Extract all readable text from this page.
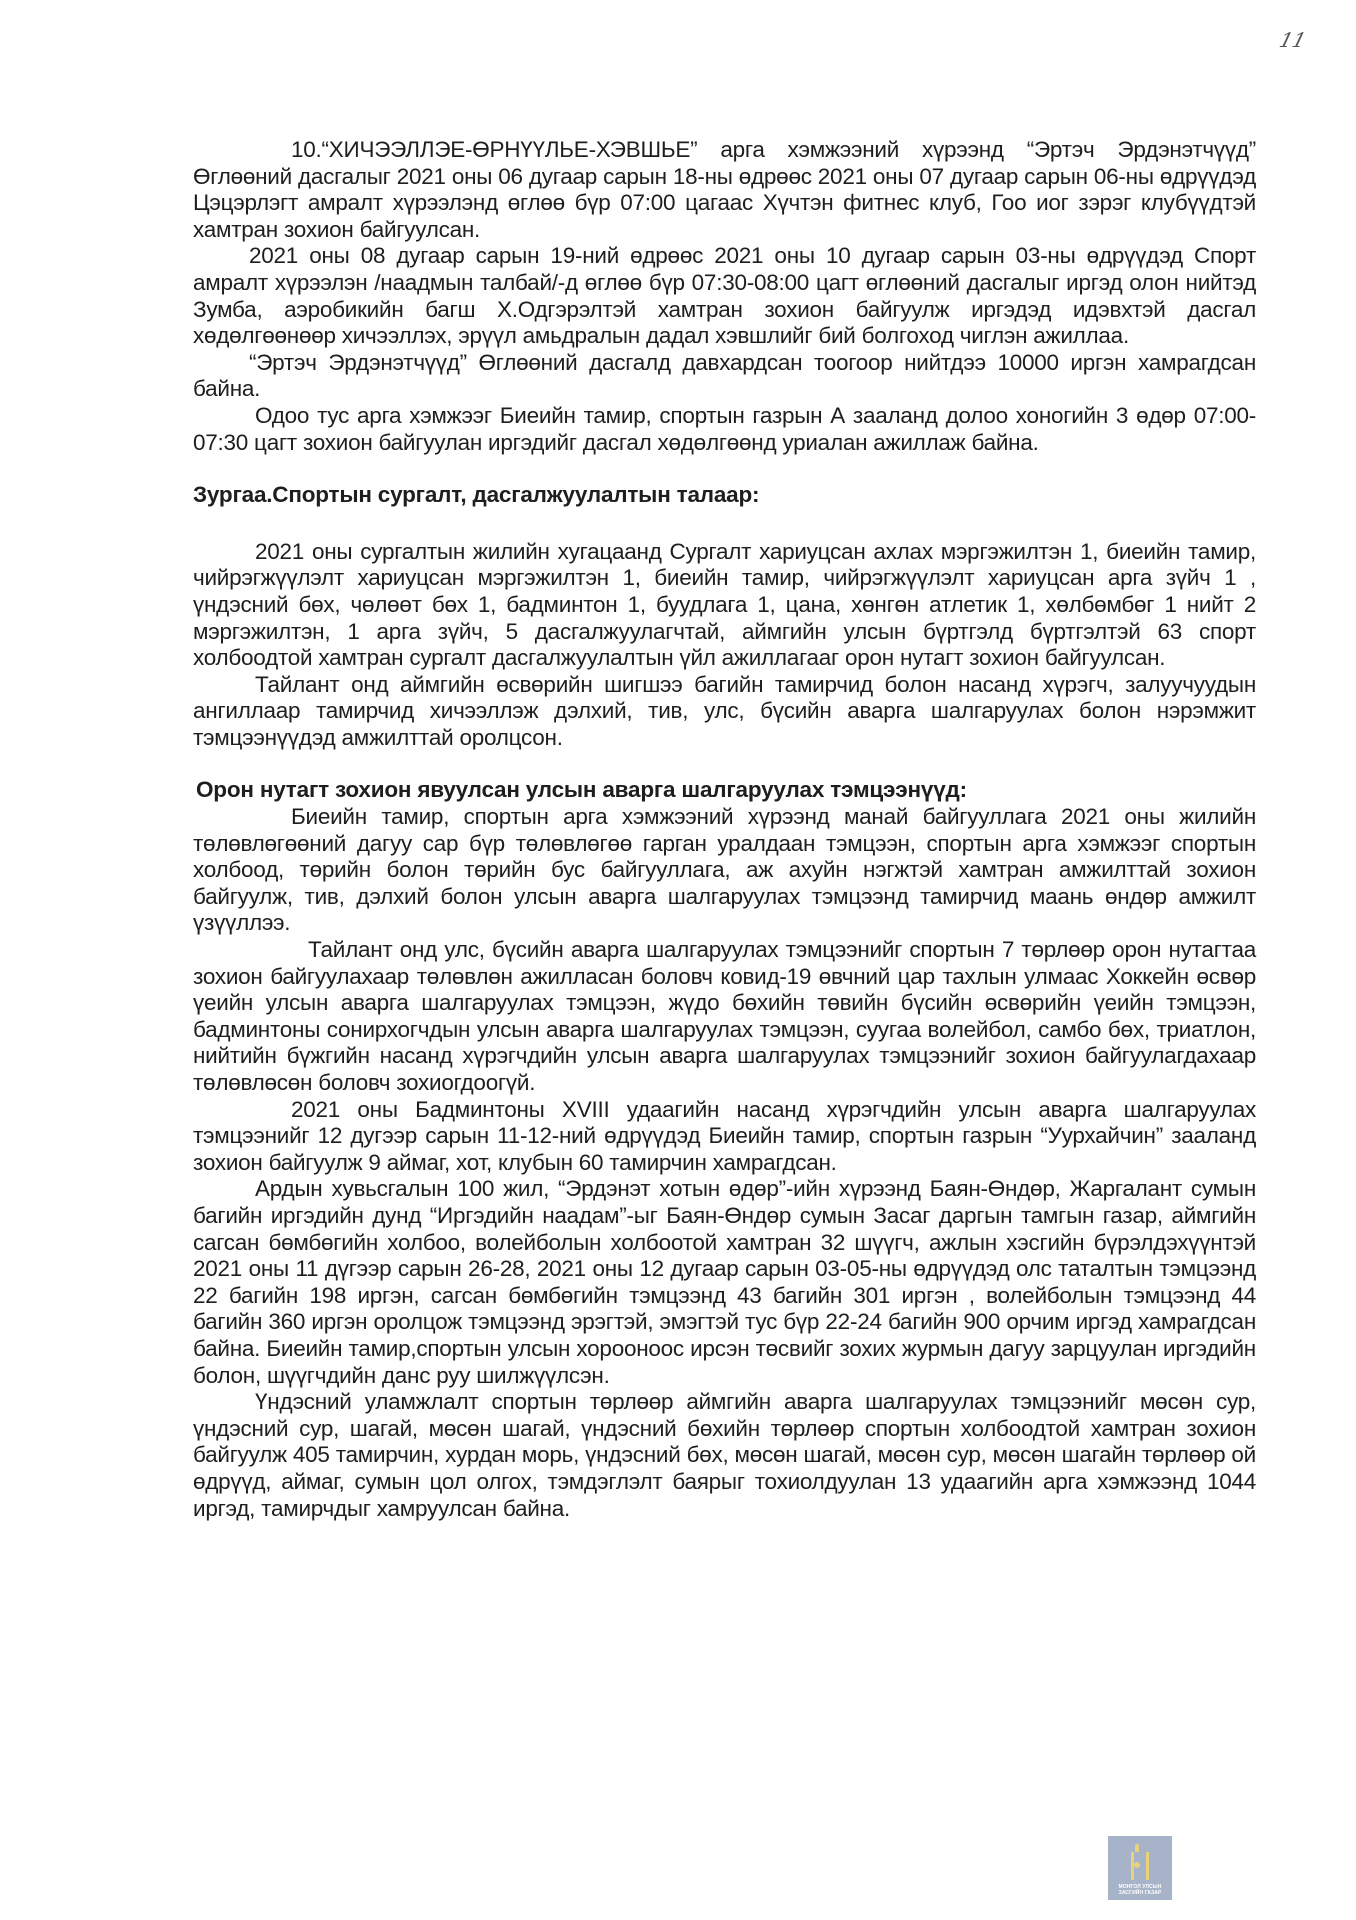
11

10.“ХИЧЭЭЛЛЭЕ-ӨРНҮҮЛЬЕ-ХЭВШЬЕ” арга хэмжээний хүрээнд “Эртэч Эрдэнэтчүүд” Өглөөний дасгалыг 2021 оны 06 дугаар сарын 18-ны өдрөөс 2021 оны 07 дугаар сарын 06-ны өдрүүдэд Цэцэрлэгт амралт хүрээлэнд өглөө бүр 07:00 цагаас Хүчтэн фитнес клуб, Гоо иог зэрэг клубүүдтэй хамтран зохион байгуулсан.

2021 оны 08 дугаар сарын 19-ний өдрөөс 2021 оны 10 дугаар сарын 03-ны өдрүүдэд Спорт амралт хүрээлэн /наадмын талбай/-д өглөө бүр 07:30-08:00 цагт өглөөний дасгалыг иргэд олон нийтэд Зумба, аэробикийн багш Х.Одгэрэлтэй хамтран зохион байгуулж иргэдэд идэвхтэй дасгал хөдөлгөөнөөр хичээллэх, эрүүл амьдралын дадал хэвшлийг бий болгоход чиглэн ажиллаа.

“Эртэч Эрдэнэтчүүд” Өглөөний дасгалд давхардсан тоогоор нийтдээ 10000 иргэн хамрагдсан байна.

Одоо тус арга хэмжээг Биеийн тамир, спортын газрын А зааланд долоо хоногийн 3 өдөр 07:00-07:30 цагт зохион байгуулан иргэдийг дасгал хөдөлгөөнд уриалан ажиллаж байна.

Зургаа.Спортын сургалт, дасгалжуулалтын талаар:

2021 оны сургалтын жилийн хугацаанд Сургалт хариуцсан ахлах мэргэжилтэн 1, биеийн тамир, чийрэгжүүлэлт хариуцсан мэргэжилтэн 1, биеийн тамир, чийрэгжүүлэлт хариуцсан арга зүйч 1 , үндэсний бөх, чөлөөт бөх 1, бадминтон 1, буудлага 1, цана, хөнгөн атлетик 1, хөлбөмбөг 1 нийт 2 мэргэжилтэн, 1 арга зүйч, 5 дасгалжуулагчтай, аймгийн улсын бүртгэлд бүртгэлтэй 63 спорт холбоодтой хамтран сургалт дасгалжуулалтын үйл ажиллагааг орон нутагт зохион байгуулсан.

Тайлант онд аймгийн өсвөрийн шигшээ багийн тамирчид болон насанд хүрэгч, залуучуудын ангиллаар тамирчид хичээллэж дэлхий, тив, улс, бүсийн аварга шалгаруулах болон нэрэмжит тэмцээнүүдэд амжилттай оролцсон.

Орон нутагт зохион явуулсан улсын аварга шалгаруулах тэмцээнүүд:

Биеийн тамир, спортын арга хэмжээний хүрээнд манай байгууллага 2021 оны жилийн төлөвлөгөөний дагуу сар бүр төлөвлөгөө гарган уралдаан тэмцээн, спортын арга хэмжээг спортын холбоод, төрийн болон төрийн бус байгууллага, аж ахуйн нэгжтэй хамтран амжилттай зохион байгуулж, тив, дэлхий болон улсын аварга шалгаруулах тэмцээнд тамирчид маань өндөр амжилт үзүүллээ.

Тайлант онд улс, бүсийн аварга шалгаруулах тэмцээнийг спортын 7 төрлөөр орон нутагтаа зохион байгуулахаар төлөвлөн ажилласан боловч ковид-19 өвчний цар тахлын улмаас Хоккейн өсвөр үеийн улсын аварга шалгаруулах тэмцээн, жүдо бөхийн төвийн бүсийн өсвөрийн үеийн тэмцээн, бадминтоны сонирхогчдын улсын аварга шалгаруулах тэмцээн, суугаа волейбол, самбо бөх, триатлон, нийтийн бүжгийн насанд хүрэгчдийн улсын аварга шалгаруулах тэмцээнийг зохион байгуулагдахаар төлөвлөсөн боловч зохиогдоогүй.

2021 оны Бадминтоны XVIII удаагийн насанд хүрэгчдийн улсын аварга шалгаруулах тэмцээнийг 12 дугээр сарын 11-12-ний өдрүүдэд Биеийн тамир, спортын газрын “Уурхайчин” зааланд зохион байгуулж 9 аймаг, хот, клубын 60 тамирчин хамрагдсан.

Ардын хувьсгалын 100 жил, “Эрдэнэт хотын өдөр”-ийн хүрээнд Баян-Өндөр, Жаргалант сумын багийн иргэдийн дунд “Иргэдийн наадам”-ыг Баян-Өндөр сумын Засаг даргын тамгын газар, аймгийн сагсан бөмбөгийн холбоо, волейболын холбоотой хамтран 32 шүүгч, ажлын хэсгийн бүрэлдэхүүнтэй 2021 оны 11 дүгээр сарын 26-28, 2021 оны 12 дугаар сарын 03-05-ны өдрүүдэд олс таталтын тэмцээнд 22 багийн 198 иргэн, сагсан бөмбөгийн тэмцээнд 43 багийн 301 иргэн , волейболын тэмцээнд 44 багийн 360 иргэн оролцож тэмцээнд эрэгтэй, эмэгтэй тус бүр 22-24 багийн 900 орчим иргэд хамрагдсан байна. Биеийн тамир,спортын улсын хорооноос ирсэн төсвийг зохих журмын дагуу зарцуулан иргэдийн болон, шүүгчдийн данс руу шилжүүлсэн.

Үндэсний уламжлалт спортын төрлөөр аймгийн аварга шалгаруулах тэмцээнийг мөсөн сур, үндэсний сур, шагай, мөсөн шагай, үндэсний бөхийн төрлөөр спортын холбоодтой хамтран зохион байгуулж 405 тамирчин, хурдан морь, үндэсний бөх, мөсөн шагай, мөсөн сур, мөсөн шагайн төрлөөр ой өдрүүд, аймаг, сумын цол олгох, тэмдэглэлт баярыг тохиолдуулан 13 удаагийн арга хэмжээнд 1044 иргэд, тамирчдыг хамруулсан байна.

МОНГОЛ УЛСЫН
ЗАСГИЙН ГАЗАР
